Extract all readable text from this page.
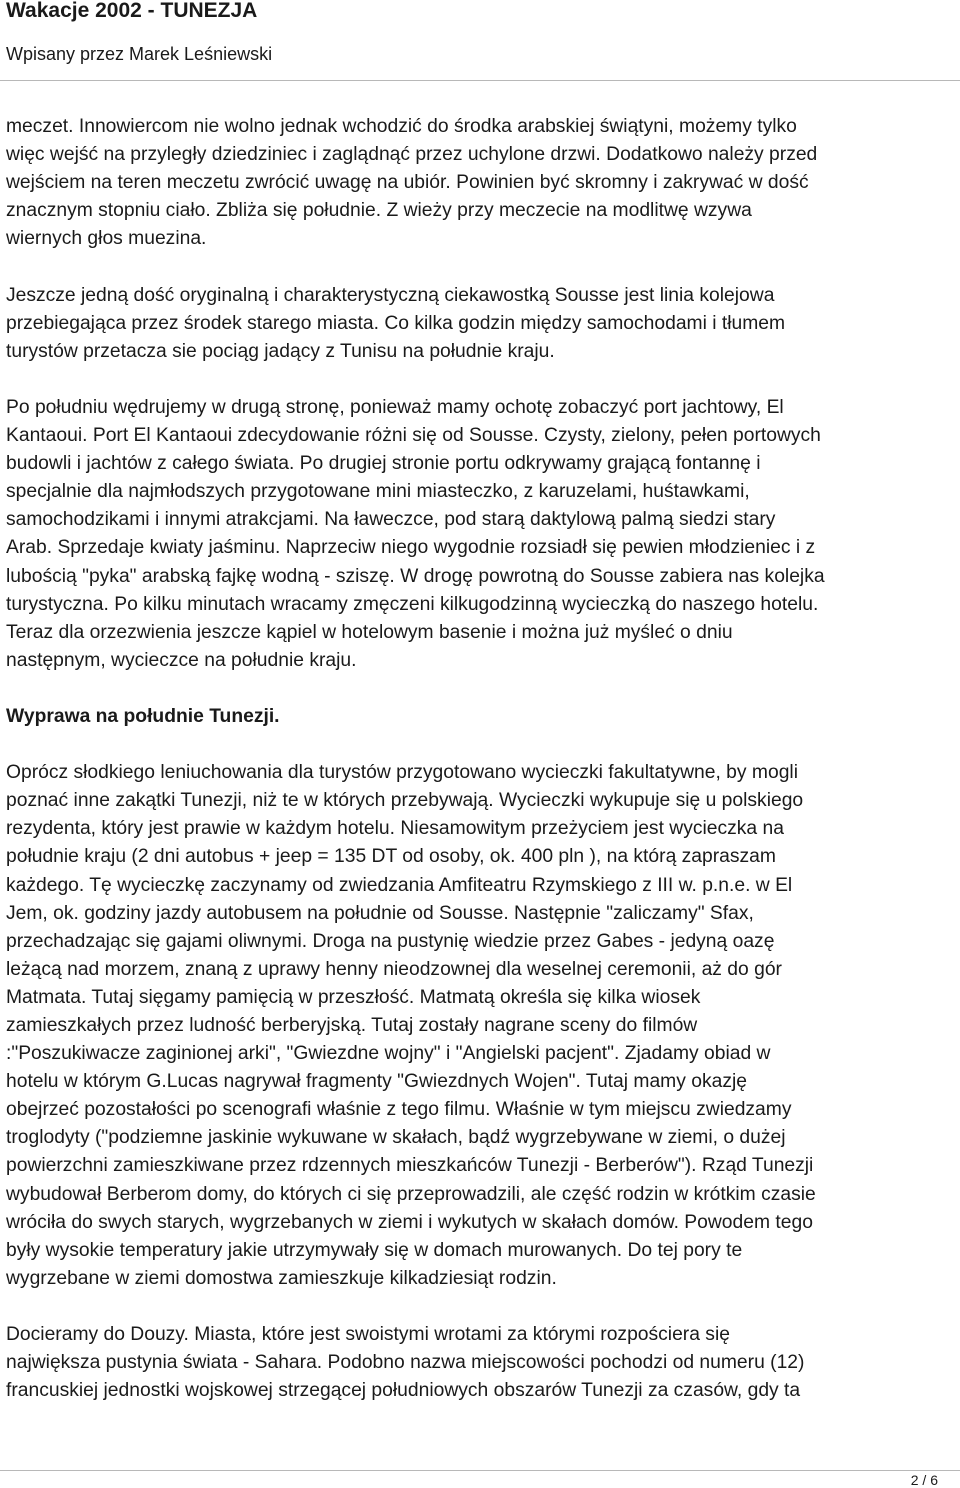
Wakacje 2002 - TUNEZJA
Wpisany przez Marek Leśniewski

meczet. Innowiercom nie wolno jednak wchodzić do środka arabskiej świątyni, możemy tylko

więc wejść na przyległy dziedziniec i zaglądnąć przez uchylone drzwi. Dodatkowo należy przed

wejściem na teren meczetu zwrócić uwagę na ubiór. Powinien być skromny i zakrywać w dość

znacznym stopniu ciało. Zbliża się południe. Z wieży przy meczecie na modlitwę wzywa

wiernych głos muezina.

Jeszcze jedną dość oryginalną i charakterystyczną ciekawostką Sousse jest linia kolejowa

przebiegająca przez środek starego miasta. Co kilka godzin między samochodami i tłumem

turystów przetacza sie pociąg jadący z Tunisu na południe kraju.

Po południu wędrujemy w drugą stronę, ponieważ mamy ochotę zobaczyć port jachtowy, El

Kantaoui. Port El Kantaoui zdecydowanie różni się od Sousse. Czysty, zielony, pełen portowych

budowli i jachtów z całego świata. Po drugiej stronie portu odkrywamy grającą fontannę i

specjalnie dla najmłodszych przygotowane mini miasteczko, z karuzelami, huśtawkami,

samochodzikami i innymi atrakcjami. Na ławeczce, pod starą daktylową palmą siedzi stary

Arab. Sprzedaje kwiaty jaśminu. Naprzeciw niego wygodnie rozsiadł się pewien młodzieniec i z

lubością "pyka" arabską fajkę wodną - sziszę. W drogę powrotną do Sousse zabiera nas kolejka

turystyczna. Po kilku minutach wracamy zmęczeni kilkugodzinną wycieczką do naszego hotelu.

Teraz dla orzezwienia jeszcze kąpiel w hotelowym basenie i można już myśleć o dniu

następnym, wycieczce na południe kraju.

Wyprawa na południe Tunezji.

Oprócz słodkiego leniuchowania dla turystów przygotowano wycieczki fakultatywne, by mogli

poznać inne zakątki Tunezji, niż te w których przebywają. Wycieczki wykupuje się u polskiego

rezydenta, który jest prawie w każdym hotelu. Niesamowitym przeżyciem jest wycieczka na

południe kraju (2 dni autobus + jeep = 135 DT od osoby, ok. 400 pln ), na którą zapraszam

każdego. Tę wycieczkę zaczynamy od zwiedzania Amfiteatru Rzymskiego z III w. p.n.e. w El

Jem, ok. godziny jazdy autobusem na południe od Sousse. Następnie "zaliczamy" Sfax,

przechadzając się gajami oliwnymi. Droga na pustynię wiedzie przez Gabes - jedyną oazę

leżącą nad morzem, znaną z uprawy henny nieodzownej dla weselnej ceremonii, aż do gór

Matmata. Tutaj sięgamy pamięcią w przeszłość. Matmatą określa się kilka wiosek

zamieszkałych przez ludność berberyjską. Tutaj zostały nagrane sceny do filmów

:"Poszukiwacze zaginionej arki", "Gwiezdne wojny" i "Angielski pacjent". Zjadamy obiad w

hotelu w którym G.Lucas nagrywał fragmenty "Gwiezdnych Wojen". Tutaj mamy okazję

obejrzeć pozostałości po scenografi właśnie z tego filmu. Właśnie w tym miejscu zwiedzamy

troglodyty ("podziemne jaskinie wykuwane w skałach, bądź wygrzebywane w ziemi, o dużej

powierzchni zamieszkiwane przez rdzennych mieszkańców Tunezji - Berberów"). Rząd Tunezji

wybudował Berberom domy, do których ci się przeprowadzili, ale część rodzin w krótkim czasie

wróciła do swych starych, wygrzebanych w ziemi i wykutych w skałach domów. Powodem tego

były wysokie temperatury jakie utrzymywały się w domach murowanych. Do tej pory te

wygrzebane w ziemi domostwa zamieszkuje kilkadziesiąt rodzin.

Docieramy do Douzy. Miasta, które jest swoistymi wrotami za którymi rozpościera się

największa pustynia świata - Sahara. Podobno nazwa miejscowości pochodzi od numeru (12)

francuskiej jednostki wojskowej strzegącej południowych obszarów Tunezji za czasów, gdy ta

2 / 6
